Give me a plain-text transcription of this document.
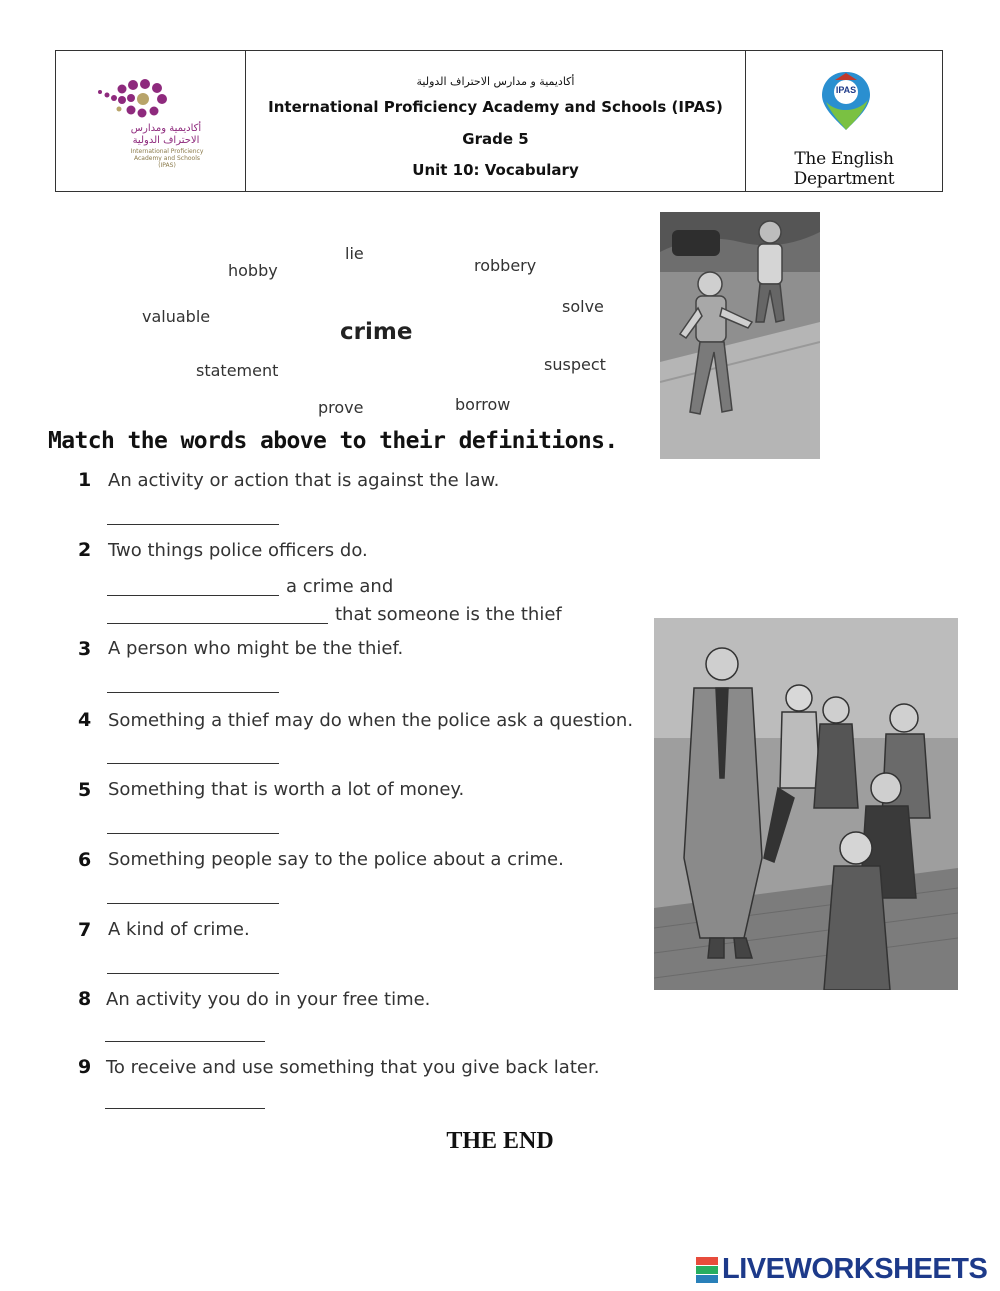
أكاديمية ومدارس الاحتراف الدولية
International Proficiency Academy and Schools (IPAS)
أكاديمية و مدارس الاحتراف الدولية
International Proficiency Academy and Schools (IPAS)
Grade 5
Unit 10: Vocabulary
IPAS
The English Department
lie
hobby	robbery
solve
valuable
crime
statement	suspect
prove	borrow
Match the words above to their definitions.
1 An activity or action that is against the law.
2 Two things police officers do.
a crime and
that someone is the thief
3 A person who might be the thief.
4 Something a thief may do when the police ask a question.
5 Something that is worth a lot of money.
6 Something people say to the police about a crime.
7 A kind of crime.
8 An activity you do in your free time.
9 To receive and use something that you give back later.
THE END
LIVEWORKSHEETS
